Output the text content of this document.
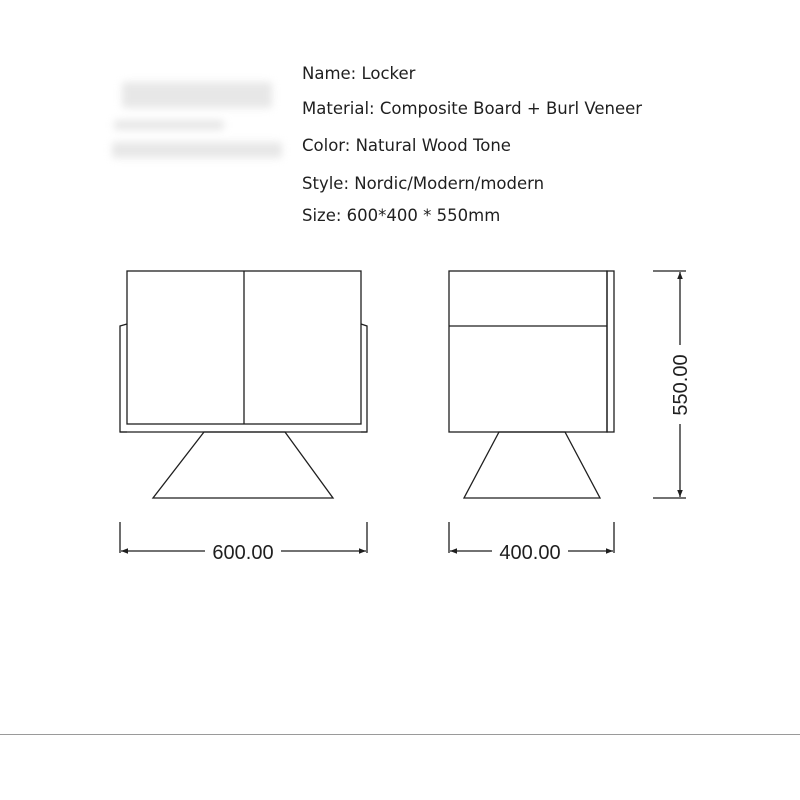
Name: Locker
Material: Composite Board + Burl Veneer
Color: Natural Wood Tone
Style: Nordic/Modern/modern
Size: 600*400 * 550mm
600.00	400.00
550.00
